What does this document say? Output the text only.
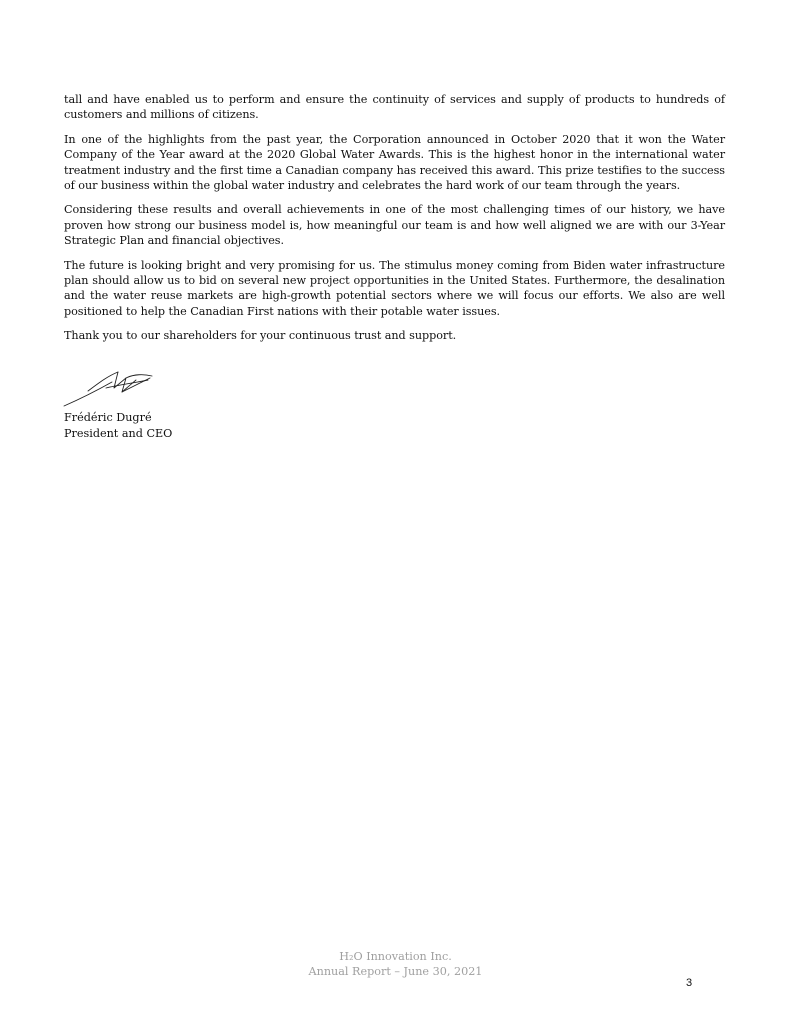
tall and have enabled us to perform and ensure the continuity of services and supply of products to hundreds of customers and millions of citizens.

In one of the highlights from the past year, the Corporation announced in October 2020 that it won the Water Company of the Year award at the 2020 Global Water Awards. This is the highest honor in the international water treatment industry and the first time a Canadian company has received this award. This prize testifies to the success of our business within the global water industry and celebrates the hard work of our team through the years.

Considering these results and overall achievements in one of the most challenging times of our history, we have proven how strong our business model is, how meaningful our team is and how well aligned we are with our 3-Year Strategic Plan and financial objectives.

The future is looking bright and very promising for us. The stimulus money coming from Biden water infrastructure plan should allow us to bid on several new project opportunities in the United States. Furthermore, the desalination and the water reuse markets are high-growth potential sectors where we will focus our efforts. We also are well positioned to help the Canadian First nations with their potable water issues.

Thank you to our shareholders for your continuous trust and support.

Frédéric Dugré
President and CEO
H₂O Innovation Inc.
Annual Report – June 30, 2021
3
